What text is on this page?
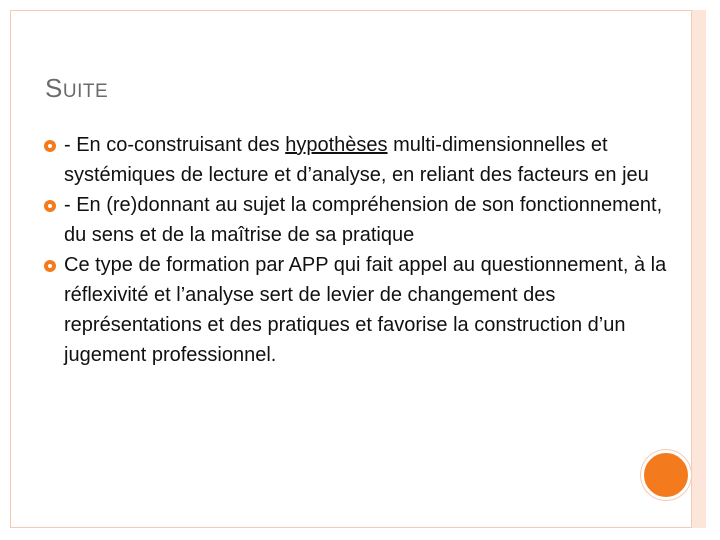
SUITE
- En co-construisant des hypothèses multi-dimensionnelles et systémiques de lecture et d’analyse, en reliant des facteurs en jeu
- En (re)donnant au sujet la compréhension de son fonctionnement, du sens et de la maîtrise de sa pratique
Ce type de formation par APP qui fait appel au questionnement, à la réflexivité et l’analyse sert de levier de changement des représentations et des pratiques et favorise la construction d’un jugement professionnel.
